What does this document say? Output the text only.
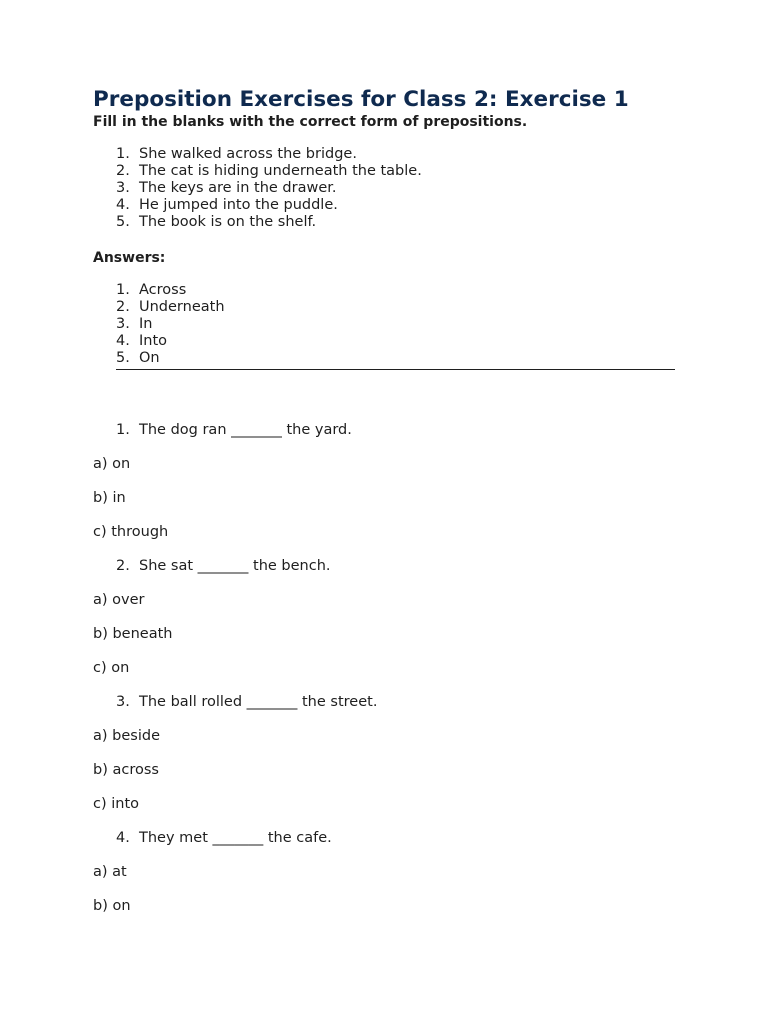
Preposition Exercises for Class 2: Exercise 1

Fill in the blanks with the correct form of prepositions.

1. She walked across the bridge.
2. The cat is hiding underneath the table.
3. The keys are in the drawer.
4. He jumped into the puddle.
5. The book is on the shelf.

Answers:

1. Across
2. Underneath
3. In
4. Into
5. On
1. The dog ran _______ the yard.
a) on
b) in
c) through
2. She sat _______ the bench.
a) over
b) beneath
c) on
3. The ball rolled _______ the street.
a) beside
b) across
c) into
4. They met _______ the cafe.
a) at
b) on
